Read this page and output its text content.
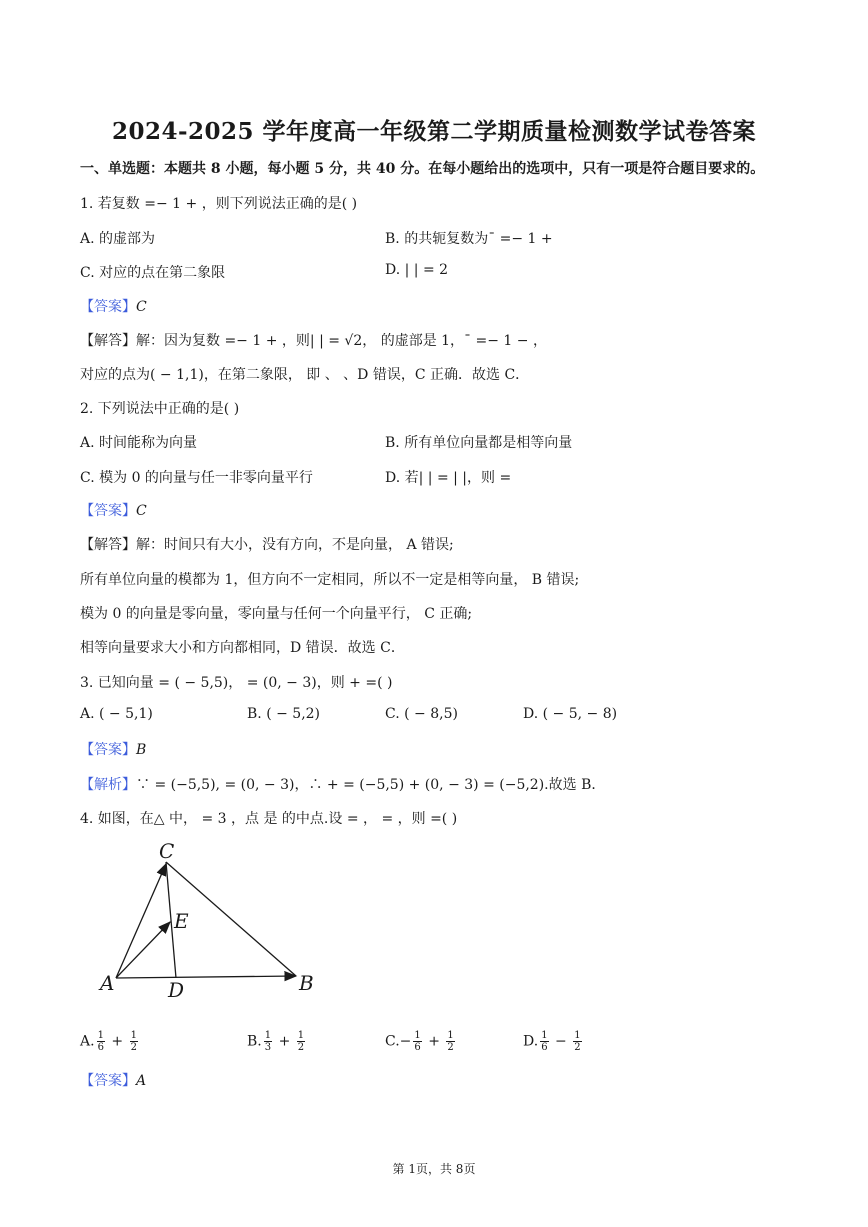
2024-2025 学年度高一年级第二学期质量检测数学试卷答案
一、单选题：本题共 8 小题，每小题 5 分，共 40 分。在每小题给出的选项中，只有一项是符合题目要求的。
1. 若复数 =− 1 + ，则下列说法正确的是( )
A. 的虚部为	B. 的共轭复数为¯ =− 1 +
C. 对应的点在第二象限	D. | | = 2
【答案】C
【解答】解：因为复数 =− 1 + ，则| | = √2， 的虚部是 1，¯ =− 1 − ，
对应的点为( − 1,1)，在第二象限， 即 、 、D 错误，C 正确．故选 C．
2. 下列说法中正确的是( )
A. 时间能称为向量	B. 所有单位向量都是相等向量
C. 模为 0 的向量与任一非零向量平行	D. 若| | = | |，则 =
【答案】C
【解答】解：时间只有大小，没有方向，不是向量， A 错误;
所有单位向量的模都为 1，但方向不一定相同，所以不一定是相等向量， B 错误;
模为 0 的向量是零向量，零向量与任何一个向量平行， C 正确;
相等向量要求大小和方向都相同，D 错误．故选 C．
3. 已知向量 = ( − 5,5)， = (0, − 3)，则 + =( )
A. ( − 5,1)	B. ( − 5,2)	C. ( − 8,5)	D. ( − 5, − 8)
【答案】B
【解析】∵ = (−5,5), = (0, − 3)，∴ + = (−5,5) + (0, − 3) = (−5,2).故选 B．
4. 如图，在△ 中， = 3 ，点 是 的中点.设 = ， = ，则 =( )
C
E
A	D	B
A. $\frac{1}{6} + \frac{1}{2}$	B. $\frac{1}{3} + \frac{1}{2}$	$C.- \frac{1}{6} + \frac{1}{2}$	D. $\frac{1}{6} - \frac{1}{2}$
【答案】A
第 1页，共 8页
